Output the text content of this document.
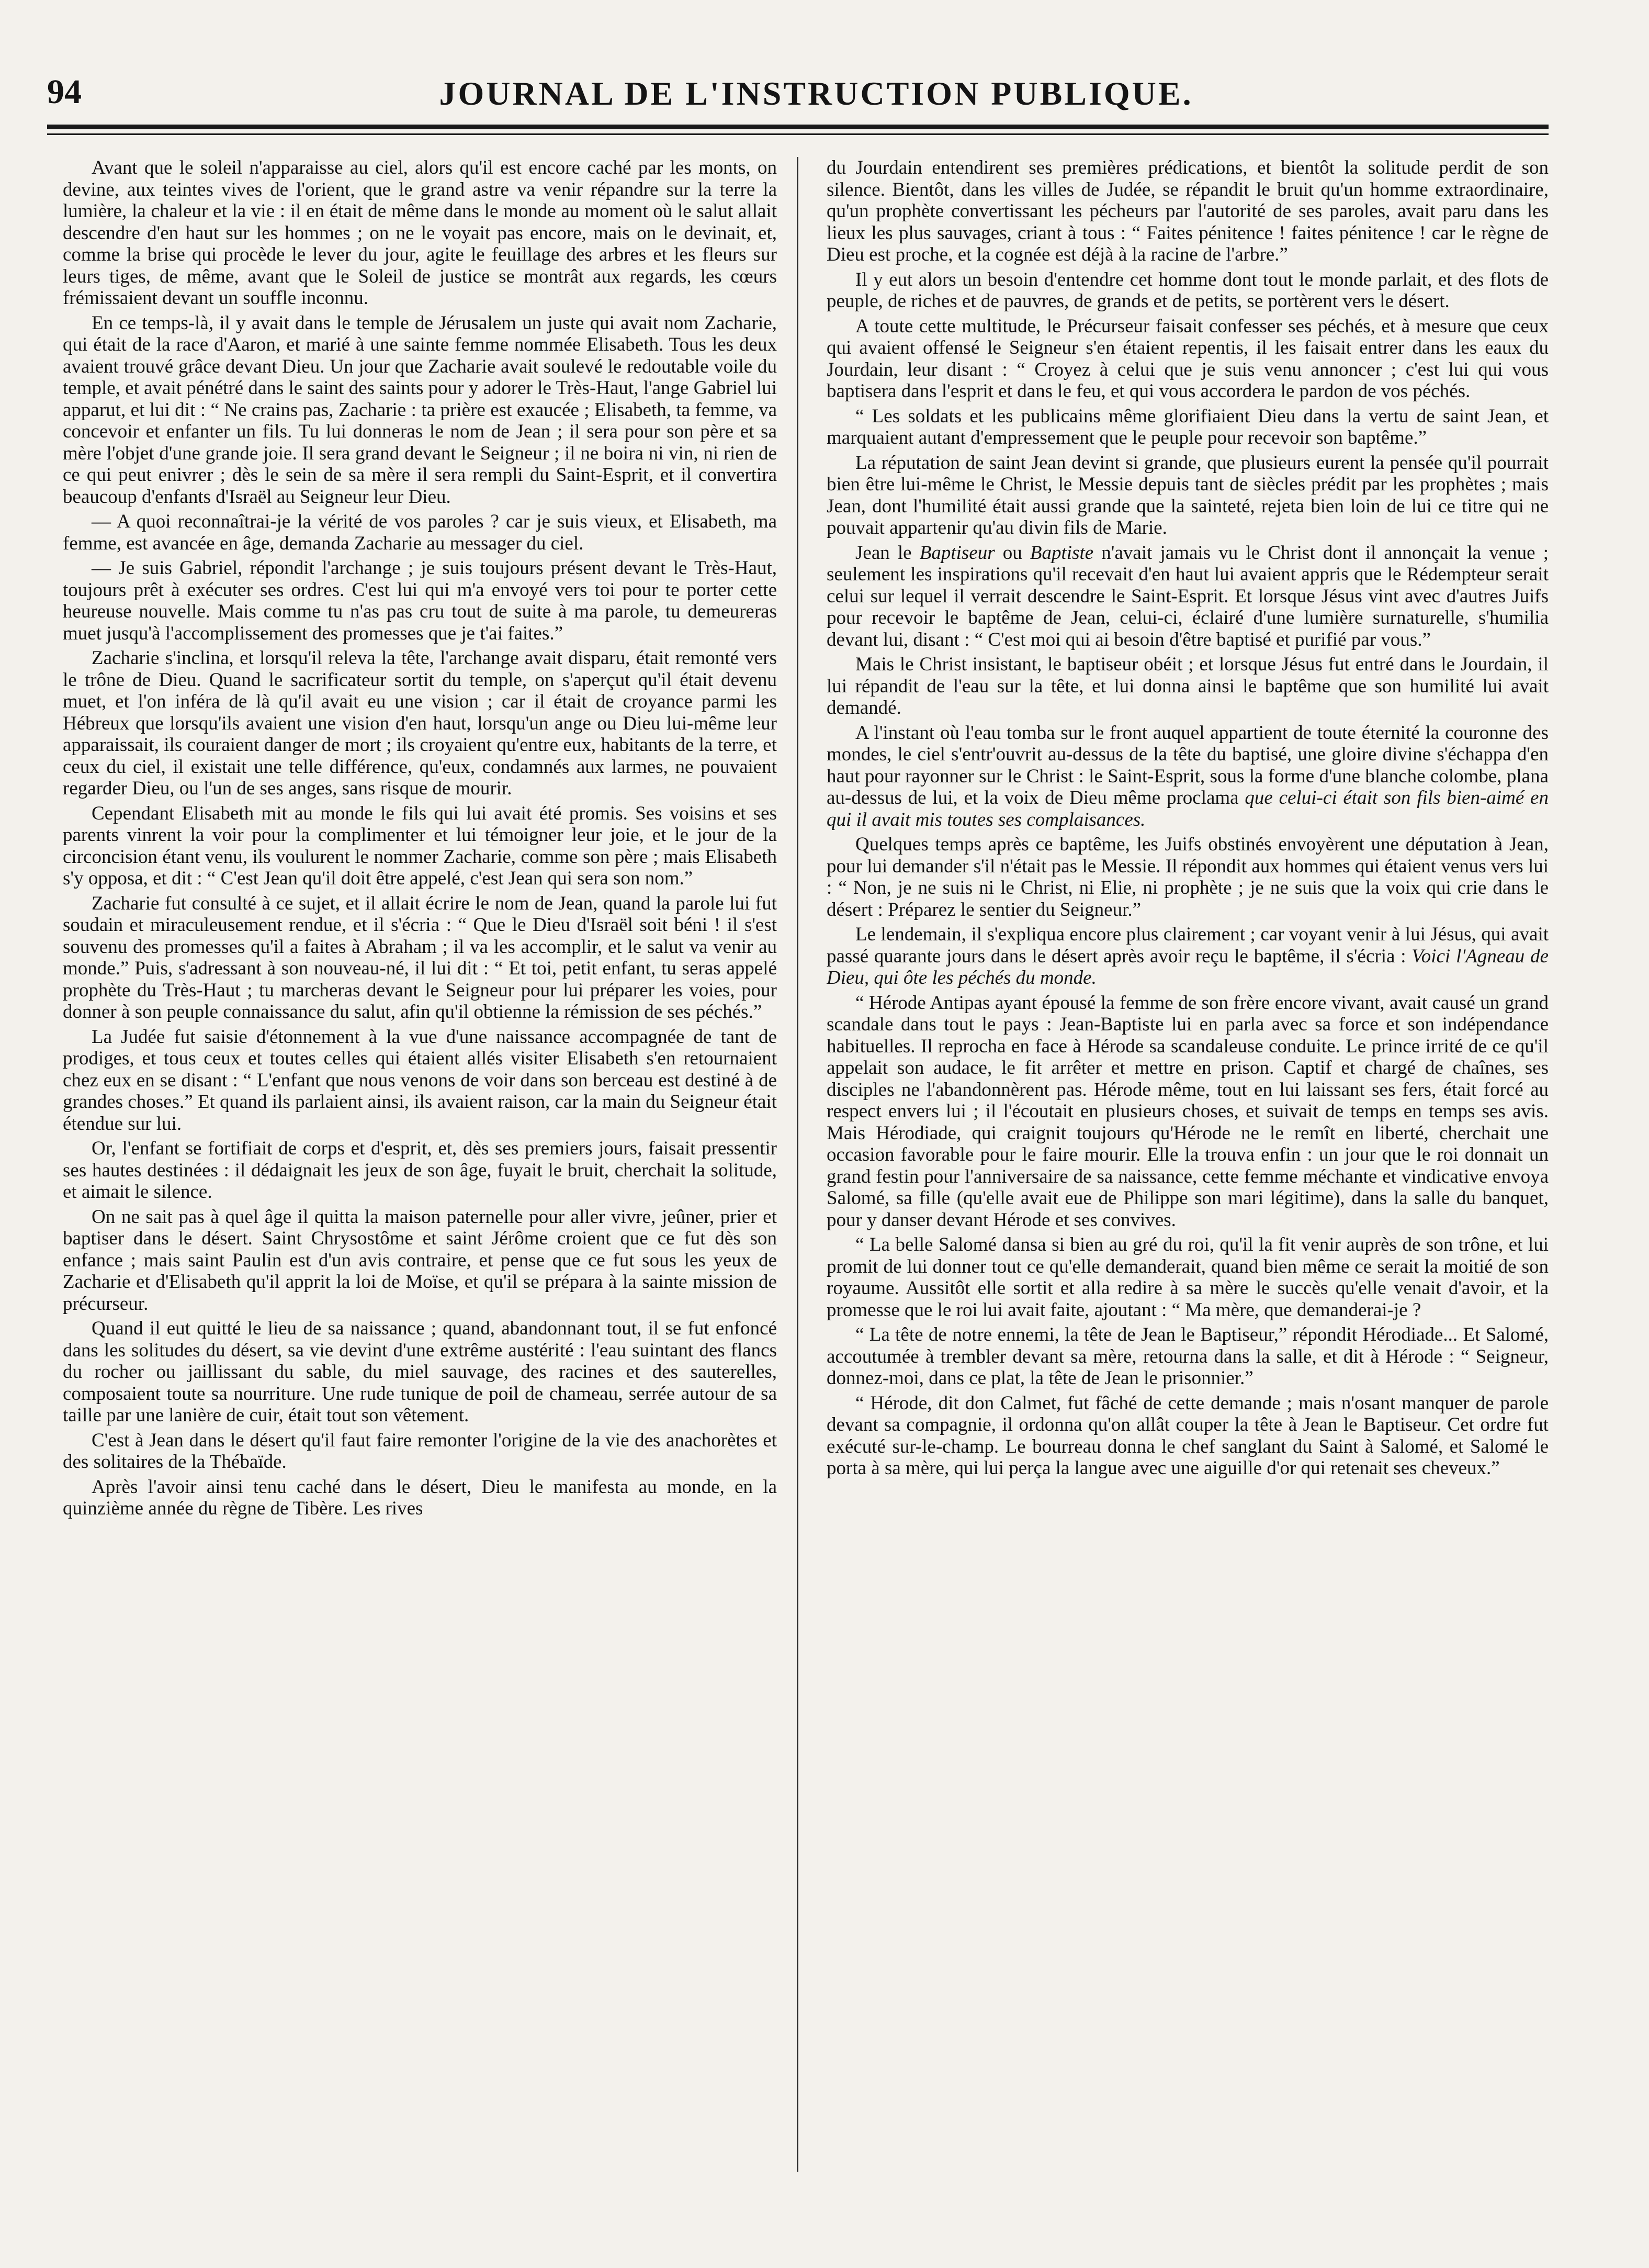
94	JOURNAL DE L'INSTRUCTION PUBLIQUE.

Avant que le soleil n'apparaisse au ciel, alors qu'il est encore caché par les monts, on devine, aux teintes vives de l'orient, que le grand astre va venir répandre sur la terre la lumière, la chaleur et la vie : il en était de même dans le monde au moment où le salut allait descendre d'en haut sur les hommes ; on ne le voyait pas encore, mais on le devinait, et, comme la brise qui procède le lever du jour, agite le feuillage des arbres et les fleurs sur leurs tiges, de même, avant que le Soleil de justice se montrât aux regards, les cœurs frémissaient devant un souffle inconnu.

En ce temps-là, il y avait dans le temple de Jérusalem un juste qui avait nom Zacharie, qui était de la race d'Aaron, et marié à une sainte femme nommée Elisabeth. Tous les deux avaient trouvé grâce devant Dieu. Un jour que Zacharie avait soulevé le redoutable voile du temple, et avait pénétré dans le saint des saints pour y adorer le Très-Haut, l'ange Gabriel lui apparut, et lui dit : “ Ne crains pas, Zacharie : ta prière est exaucée ; Elisabeth, ta femme, va concevoir et enfanter un fils. Tu lui donneras le nom de Jean ; il sera pour son père et sa mère l'objet d'une grande joie. Il sera grand devant le Seigneur ; il ne boira ni vin, ni rien de ce qui peut enivrer ; dès le sein de sa mère il sera rempli du Saint-Esprit, et il convertira beaucoup d'enfants d'Israël au Seigneur leur Dieu.

— A quoi reconnaîtrai-je la vérité de vos paroles ? car je suis vieux, et Elisabeth, ma femme, est avancée en âge, demanda Zacharie au messager du ciel.

— Je suis Gabriel, répondit l'archange ; je suis toujours présent devant le Très-Haut, toujours prêt à exécuter ses ordres. C'est lui qui m'a envoyé vers toi pour te porter cette heureuse nouvelle. Mais comme tu n'as pas cru tout de suite à ma parole, tu demeureras muet jusqu'à l'accomplissement des promesses que je t'ai faites.”

Zacharie s'inclina, et lorsqu'il releva la tête, l'archange avait disparu, était remonté vers le trône de Dieu. Quand le sacrificateur sortit du temple, on s'aperçut qu'il était devenu muet, et l'on inféra de là qu'il avait eu une vision ; car il était de croyance parmi les Hébreux que lorsqu'ils avaient une vision d'en haut, lorsqu'un ange ou Dieu lui-même leur apparaissait, ils couraient danger de mort ; ils croyaient qu'entre eux, habitants de la terre, et ceux du ciel, il existait une telle différence, qu'eux, condamnés aux larmes, ne pouvaient regarder Dieu, ou l'un de ses anges, sans risque de mourir.

Cependant Elisabeth mit au monde le fils qui lui avait été promis. Ses voisins et ses parents vinrent la voir pour la complimenter et lui témoigner leur joie, et le jour de la circoncision étant venu, ils voulurent le nommer Zacharie, comme son père ; mais Elisabeth s'y opposa, et dit : “ C'est Jean qu'il doit être appelé, c'est Jean qui sera son nom.”

Zacharie fut consulté à ce sujet, et il allait écrire le nom de Jean, quand la parole lui fut soudain et miraculeusement rendue, et il s'écria : “ Que le Dieu d'Israël soit béni ! il s'est souvenu des promesses qu'il a faites à Abraham ; il va les accomplir, et le salut va venir au monde.” Puis, s'adressant à son nouveau-né, il lui dit : “ Et toi, petit enfant, tu seras appelé prophète du Très-Haut ; tu marcheras devant le Seigneur pour lui préparer les voies, pour donner à son peuple connaissance du salut, afin qu'il obtienne la rémission de ses péchés.”

La Judée fut saisie d'étonnement à la vue d'une naissance accompagnée de tant de prodiges, et tous ceux et toutes celles qui étaient allés visiter Elisabeth s'en retournaient chez eux en se disant : “ L'enfant que nous venons de voir dans son berceau est destiné à de grandes choses.” Et quand ils parlaient ainsi, ils avaient raison, car la main du Seigneur était étendue sur lui.

Or, l'enfant se fortifiait de corps et d'esprit, et, dès ses premiers jours, faisait pressentir ses hautes destinées : il dédaignait les jeux de son âge, fuyait le bruit, cherchait la solitude, et aimait le silence.

On ne sait pas à quel âge il quitta la maison paternelle pour aller vivre, jeûner, prier et baptiser dans le désert. Saint Chrysostôme et saint Jérôme croient que ce fut dès son enfance ; mais saint Paulin est d'un avis contraire, et pense que ce fut sous les yeux de Zacharie et d'Elisabeth qu'il apprit la loi de Moïse, et qu'il se prépara à la sainte mission de précurseur.

Quand il eut quitté le lieu de sa naissance ; quand, abandonnant tout, il se fut enfoncé dans les solitudes du désert, sa vie devint d'une extrême austérité : l'eau suintant des flancs du rocher ou jaillissant du sable, du miel sauvage, des racines et des sauterelles, composaient toute sa nourriture. Une rude tunique de poil de chameau, serrée autour de sa taille par une lanière de cuir, était tout son vêtement.

C'est à Jean dans le désert qu'il faut faire remonter l'origine de la vie des anachorètes et des solitaires de la Thébaïde.

Après l'avoir ainsi tenu caché dans le désert, Dieu le manifesta au monde, en la quinzième année du règne de Tibère. Les rives

du Jourdain entendirent ses premières prédications, et bientôt la solitude perdit de son silence. Bientôt, dans les villes de Judée, se répandit le bruit qu'un homme extraordinaire, qu'un prophète convertissant les pécheurs par l'autorité de ses paroles, avait paru dans les lieux les plus sauvages, criant à tous : “ Faites pénitence ! faites pénitence ! car le règne de Dieu est proche, et la cognée est déjà à la racine de l'arbre.”

Il y eut alors un besoin d'entendre cet homme dont tout le monde parlait, et des flots de peuple, de riches et de pauvres, de grands et de petits, se portèrent vers le désert.

A toute cette multitude, le Précurseur faisait confesser ses péchés, et à mesure que ceux qui avaient offensé le Seigneur s'en étaient repentis, il les faisait entrer dans les eaux du Jourdain, leur disant : “ Croyez à celui que je suis venu annoncer ; c'est lui qui vous baptisera dans l'esprit et dans le feu, et qui vous accordera le pardon de vos péchés.

“ Les soldats et les publicains même glorifiaient Dieu dans la vertu de saint Jean, et marquaient autant d'empressement que le peuple pour recevoir son baptême.”

La réputation de saint Jean devint si grande, que plusieurs eurent la pensée qu'il pourrait bien être lui-même le Christ, le Messie depuis tant de siècles prédit par les prophètes ; mais Jean, dont l'humilité était aussi grande que la sainteté, rejeta bien loin de lui ce titre qui ne pouvait appartenir qu'au divin fils de Marie.

Jean le Baptiseur ou Baptiste n'avait jamais vu le Christ dont il annonçait la venue ; seulement les inspirations qu'il recevait d'en haut lui avaient appris que le Rédempteur serait celui sur lequel il verrait descendre le Saint-Esprit. Et lorsque Jésus vint avec d'autres Juifs pour recevoir le baptême de Jean, celui-ci, éclairé d'une lumière surnaturelle, s'humilia devant lui, disant : “ C'est moi qui ai besoin d'être baptisé et purifié par vous.”

Mais le Christ insistant, le baptiseur obéit ; et lorsque Jésus fut entré dans le Jourdain, il lui répandit de l'eau sur la tête, et lui donna ainsi le baptême que son humilité lui avait demandé.

A l'instant où l'eau tomba sur le front auquel appartient de toute éternité la couronne des mondes, le ciel s'entr'ouvrit au-dessus de la tête du baptisé, une gloire divine s'échappa d'en haut pour rayonner sur le Christ : le Saint-Esprit, sous la forme d'une blanche colombe, plana au-dessus de lui, et la voix de Dieu même proclama que celui-ci était son fils bien-aimé en qui il avait mis toutes ses complaisances.

Quelques temps après ce baptême, les Juifs obstinés envoyèrent une députation à Jean, pour lui demander s'il n'était pas le Messie. Il répondit aux hommes qui étaient venus vers lui : “ Non, je ne suis ni le Christ, ni Elie, ni prophète ; je ne suis que la voix qui crie dans le désert : Préparez le sentier du Seigneur.”

Le lendemain, il s'expliqua encore plus clairement ; car voyant venir à lui Jésus, qui avait passé quarante jours dans le désert après avoir reçu le baptême, il s'écria : Voici l'Agneau de Dieu, qui ôte les péchés du monde.

“ Hérode Antipas ayant épousé la femme de son frère encore vivant, avait causé un grand scandale dans tout le pays : Jean-Baptiste lui en parla avec sa force et son indépendance habituelles. Il reprocha en face à Hérode sa scandaleuse conduite. Le prince irrité de ce qu'il appelait son audace, le fit arrêter et mettre en prison. Captif et chargé de chaînes, ses disciples ne l'abandonnèrent pas. Hérode même, tout en lui laissant ses fers, était forcé au respect envers lui ; il l'écoutait en plusieurs choses, et suivait de temps en temps ses avis. Mais Hérodiade, qui craignit toujours qu'Hérode ne le remît en liberté, cherchait une occasion favorable pour le faire mourir. Elle la trouva enfin : un jour que le roi donnait un grand festin pour l'anniversaire de sa naissance, cette femme méchante et vindicative envoya Salomé, sa fille (qu'elle avait eue de Philippe son mari légitime), dans la salle du banquet, pour y danser devant Hérode et ses convives.

“ La belle Salomé dansa si bien au gré du roi, qu'il la fit venir auprès de son trône, et lui promit de lui donner tout ce qu'elle demanderait, quand bien même ce serait la moitié de son royaume. Aussitôt elle sortit et alla redire à sa mère le succès qu'elle venait d'avoir, et la promesse que le roi lui avait faite, ajoutant : “ Ma mère, que demanderai-je ?

“ La tête de notre ennemi, la tête de Jean le Baptiseur,” répondit Hérodiade... Et Salomé, accoutumée à trembler devant sa mère, retourna dans la salle, et dit à Hérode : “ Seigneur, donnez-moi, dans ce plat, la tête de Jean le prisonnier.”

“ Hérode, dit don Calmet, fut fâché de cette demande ; mais n'osant manquer de parole devant sa compagnie, il ordonna qu'on allât couper la tête à Jean le Baptiseur. Cet ordre fut exécuté sur-le-champ. Le bourreau donna le chef sanglant du Saint à Salomé, et Salomé le porta à sa mère, qui lui perça la langue avec une aiguille d'or qui retenait ses cheveux.”
